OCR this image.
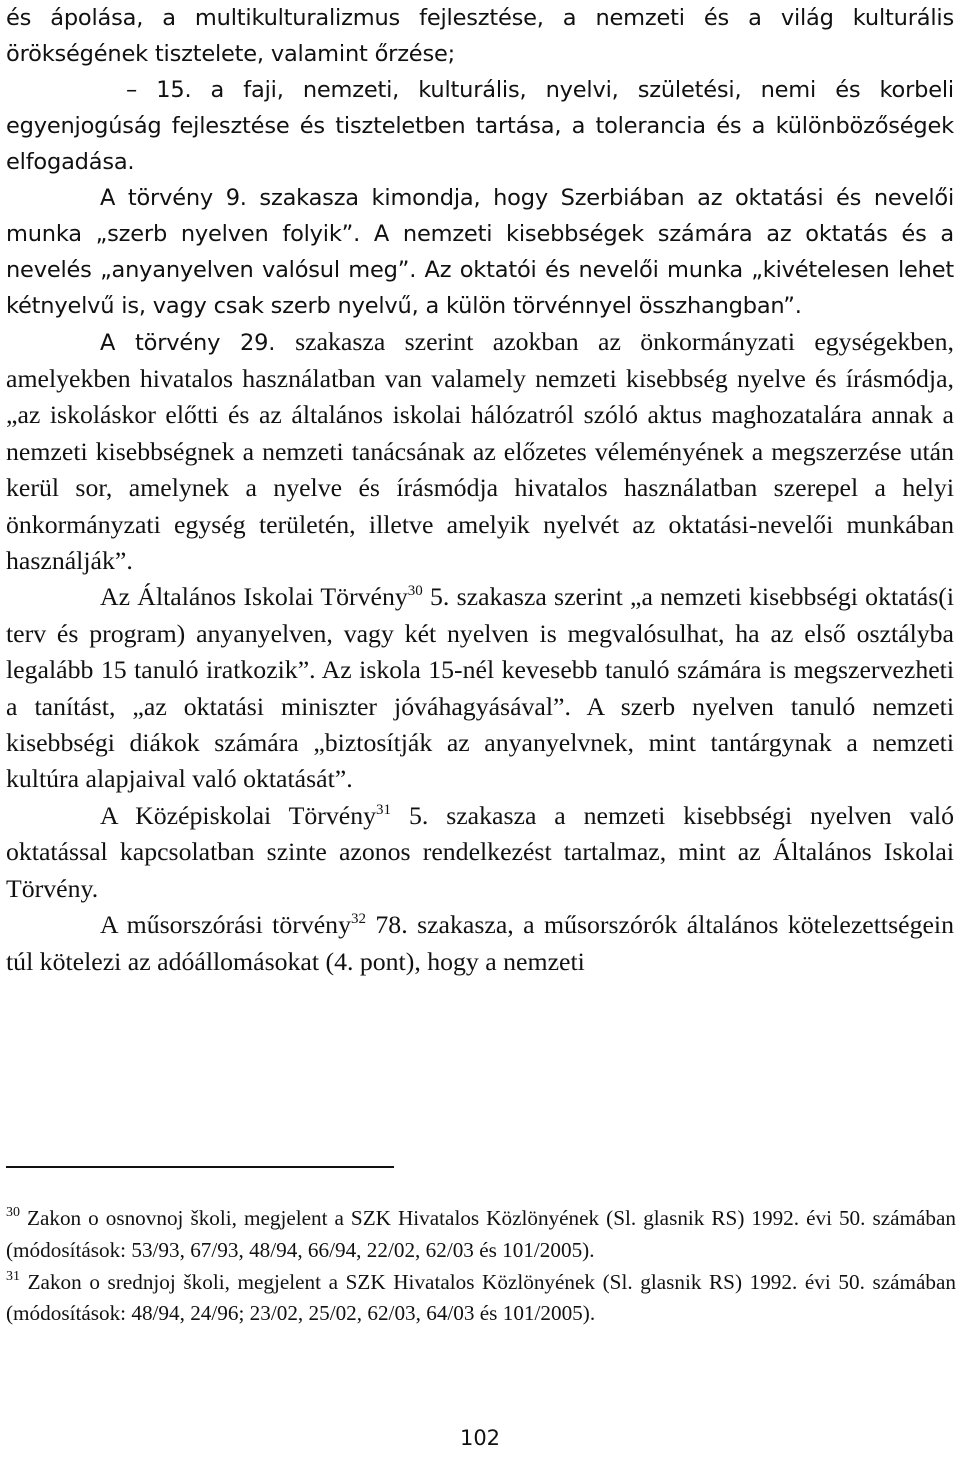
és ápolása, a multikulturalizmus fejlesztése, a nemzeti és a világ kulturális örökségének tisztelete, valamint őrzése;

– 15. a faji, nemzeti, kulturális, nyelvi, születési, nemi és korbeli egyenjogúság fejlesztése és tiszteletben tartása, a tolerancia és a különbözőségek elfogadása.

A törvény 9. szakasza kimondja, hogy Szerbiában az oktatási és nevelői munka „szerb nyelven folyik”. A nemzeti kisebbségek számára az oktatás és a nevelés „anyanyelven valósul meg”. Az oktatói és nevelői munka „kivételesen lehet kétnyelvű is, vagy csak szerb nyelvű, a külön törvénnyel összhangban”.

A törvény 29. szakasza szerint azokban az önkormányzati egységekben, amelyekben hivatalos használatban van valamely nemzeti kisebbség nyelve és írásmódja, „az iskoláskor előtti és az általános iskolai hálózatról szóló aktus maghozatalára annak a nemzeti kisebbségnek a nemzeti tanácsának az előzetes véleményének a megszerzése után kerül sor, amelynek a nyelve és írásmódja hivatalos használatban szerepel a helyi önkormányzati egység területén, illetve amelyik nyelvét az oktatási-nevelői munkában használják”.

Az Általános Iskolai Törvény$^{30}$ 5. szakasza szerint „a nemzeti kisebbségi oktatás(i terv és program) anyanyelven, vagy két nyelven is megvalósulhat, ha az első osztályba legalább 15 tanuló iratkozik”. Az iskola 15-nél kevesebb tanuló számára is megszervezheti a tanítást, „az oktatási miniszter jóváhagyásával”. A szerb nyelven tanuló nemzeti kisebbségi diákok számára „biztosítják az anyanyelvnek, mint tantárgynak a nemzeti kultúra alapjaival való oktatását”.

A Középiskolai Törvény$^{31}$ 5. szakasza a nemzeti kisebbségi nyelven való oktatással kapcsolatban szinte azonos rendelkezést tartalmaz, mint az Általános Iskolai Törvény.

A műsorszórási törvény$^{32}$ 78. szakasza, a műsorszórók általános kötelezettségein túl kötelezi az adóállomásokat (4. pont), hogy a nemzeti

$^{30}$ Zakon o osnovnoj školi, megjelent a SZK Hivatalos Közlönyének (Sl. glasnik RS) 1992. évi 50. számában (módosítások: 53/93, 67/93, 48/94, 66/94, 22/02, 62/03 és 101/2005).

$^{31}$ Zakon o srednjoj školi, megjelent a SZK Hivatalos Közlönyének (Sl. glasnik RS) 1992. évi 50. számában (módosítások: 48/94, 24/96; 23/02, 25/02, 62/03, 64/03 és 101/2005).

102
